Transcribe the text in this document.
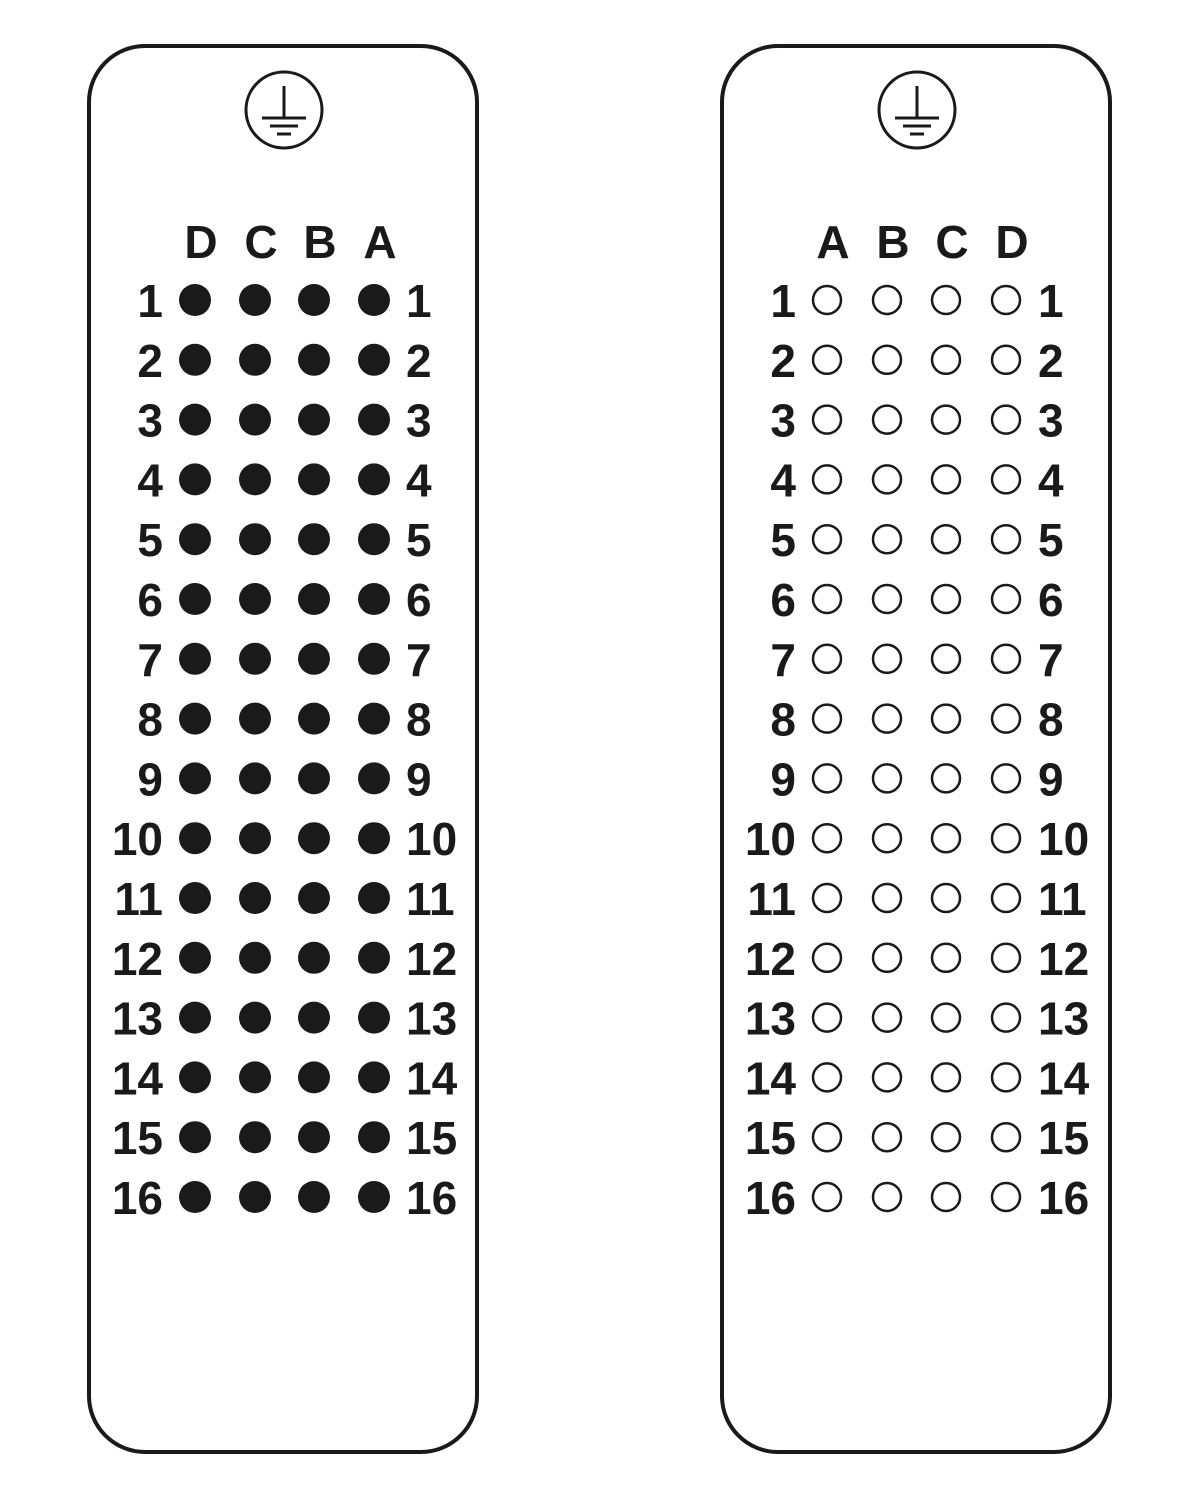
D C B A
1	1
2	2
3	3
4	4
5	5
6	6
7	7
8	8
9	9
10	10
11	11
12	12
13	13
14	14
15	15
16	16
A B C D
1	1
2	2
3	3
4	4
5	5
6	6
7	7
8	8
9	9
10	10
11	11
12	12
13	13
14	14
15	15
16	16
